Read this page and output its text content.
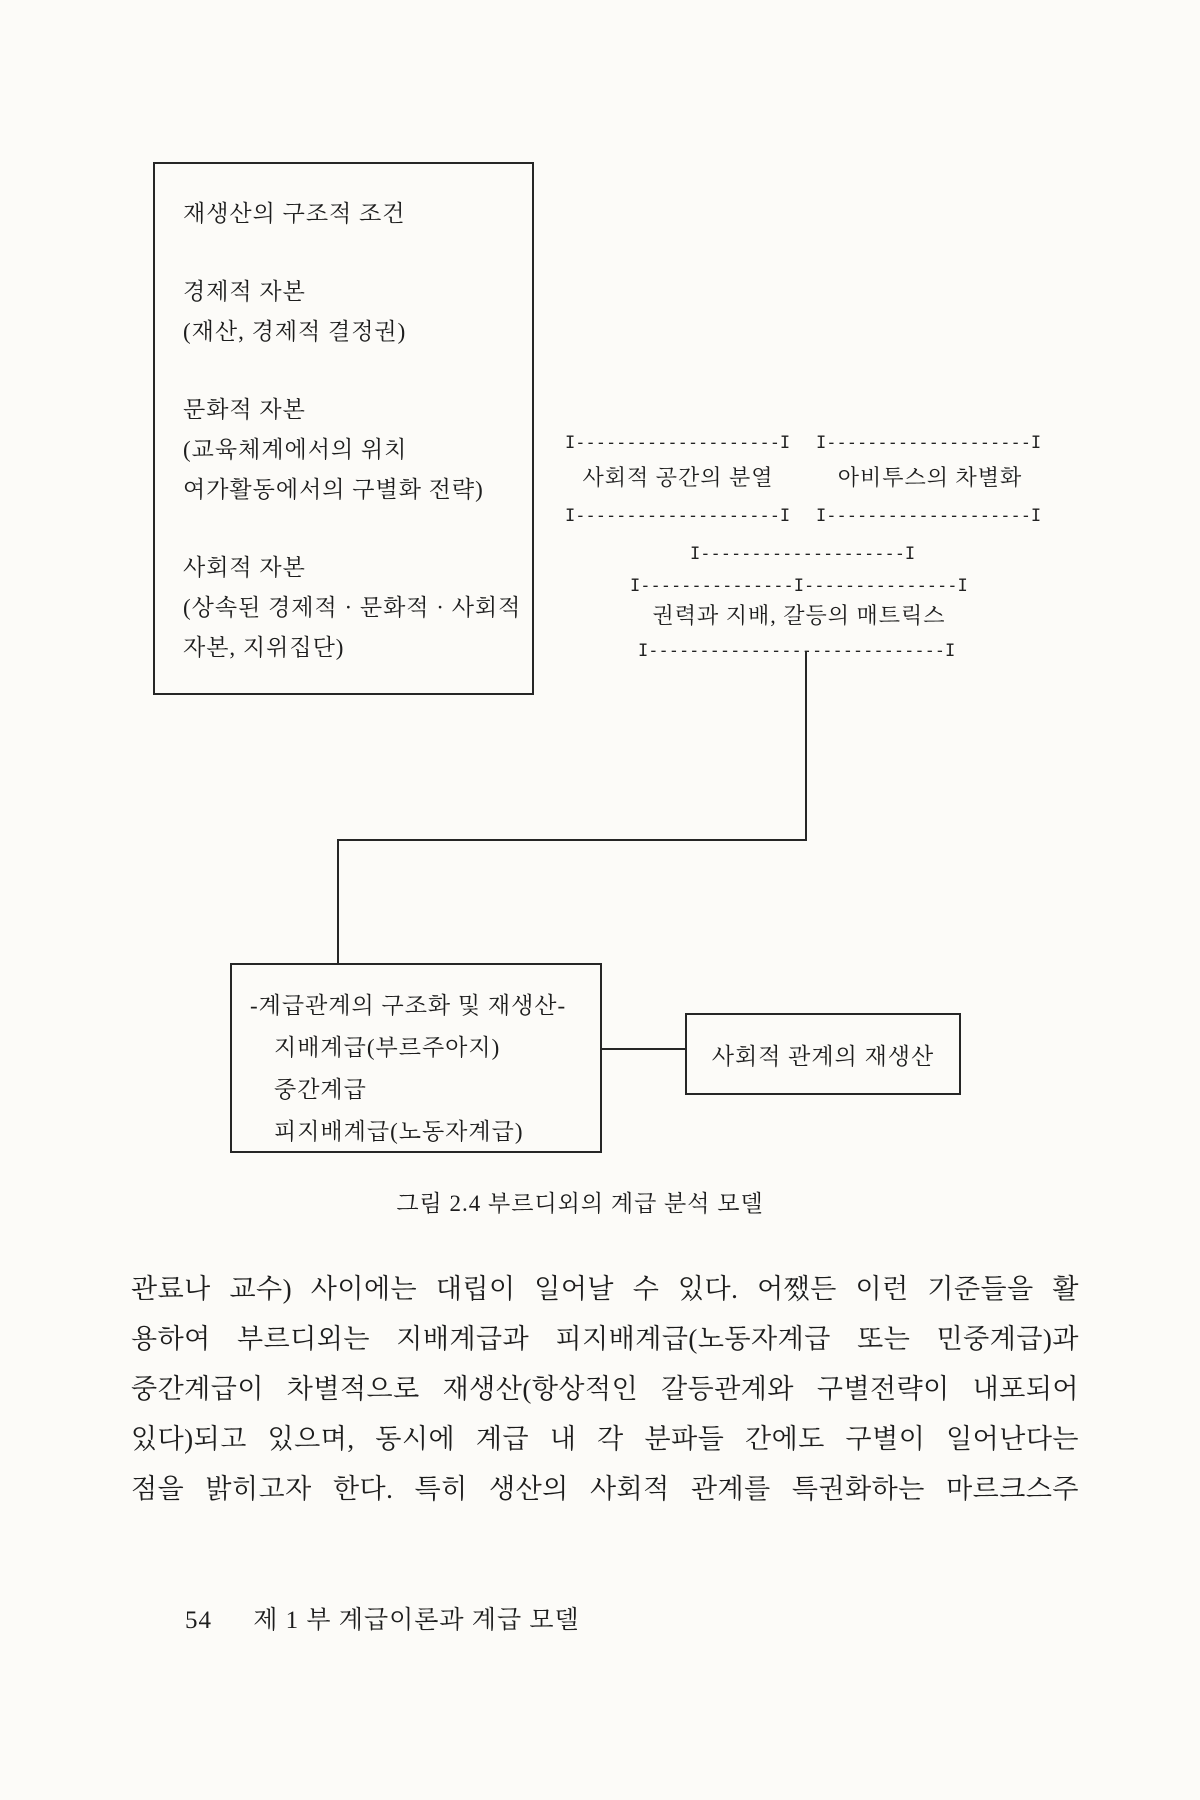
재생산의 구조적 조건
경제적 자본
(재산, 경제적 결정권)
문화적 자본
(교육체계에서의 위치
여가활동에서의 구별화 전략)
사회적 자본
(상속된 경제적 · 문화적 · 사회적
자본, 지위집단)
I--------------------I I--------------------I
사회적 공간의 분열	아비투스의 차별화
I--------------------I I--------------------I
I--------------------I
I---------------I---------------I
권력과 지배, 갈등의 매트릭스
I-----------------------------I
-계급관계의 구조화 및 재생산-
지배계급(부르주아지)
중간계급
피지배계급(노동자계급)
사회적 관계의 재생산
그림 2.4 부르디외의 계급 분석 모델
관료나 교수) 사이에는 대립이 일어날 수 있다. 어쨌든 이런 기준들을 활
용하여 부르디외는 지배계급과 피지배계급(노동자계급 또는 민중계급)과
중간계급이 차별적으로 재생산(항상적인 갈등관계와 구별전략이 내포되어
있다)되고 있으며, 동시에 계급 내 각 분파들 간에도 구별이 일어난다는
점을 밝히고자 한다. 특히 생산의 사회적 관계를 특권화하는 마르크스주
54 제 1 부 계급이론과 계급 모델
